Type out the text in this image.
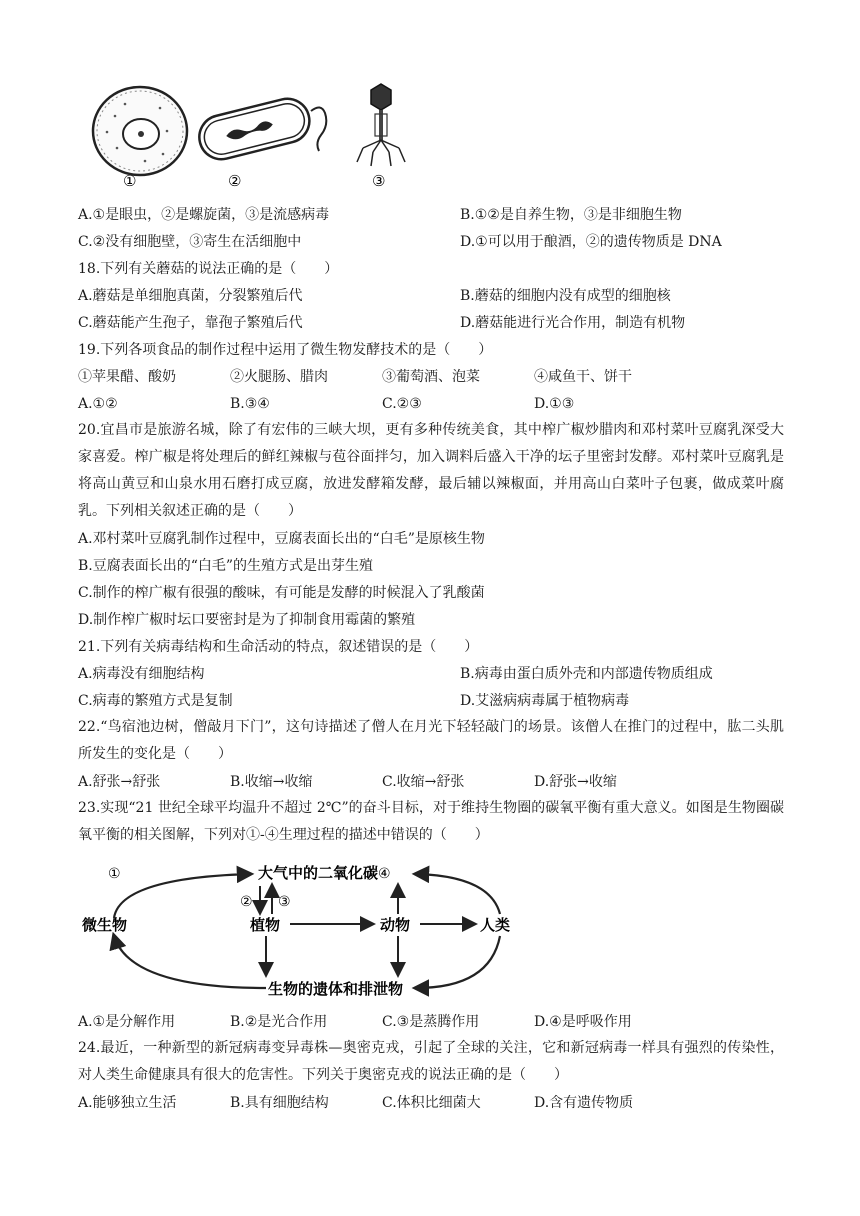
①	②	③
A.①是眼虫，②是螺旋菌，③是流感病毒	B.①②是自养生物，③是非细胞生物
C.②没有细胞壁，③寄生在活细胞中	D.①可以用于酿酒，②的遗传物质是 DNA
18.下列有关蘑菇的说法正确的是（　　）
A.蘑菇是单细胞真菌，分裂繁殖后代	B.蘑菇的细胞内没有成型的细胞核
C.蘑菇能产生孢子，靠孢子繁殖后代	D.蘑菇能进行光合作用，制造有机物
19.下列各项食品的制作过程中运用了微生物发酵技术的是（　　）
①苹果醋、酸奶	②火腿肠、腊肉	③葡萄酒、泡菜	④咸鱼干、饼干
A.①②	B.③④	C.②③	D.①③
20.宜昌市是旅游名城，除了有宏伟的三峡大坝，更有多种传统美食，其中榨广椒炒腊肉和邓村菜叶豆腐乳深受大家喜爱。榨广椒是将处理后的鲜红辣椒与苞谷面拌匀，加入调料后盛入干净的坛子里密封发酵。邓村菜叶豆腐乳是将高山黄豆和山泉水用石磨打成豆腐，放进发酵箱发酵，最后辅以辣椒面，并用高山白菜叶子包裹，做成菜叶腐乳。下列相关叙述正确的是（　　）
A.邓村菜叶豆腐乳制作过程中，豆腐表面长出的“白毛”是原核生物
B.豆腐表面长出的“白毛”的生殖方式是出芽生殖
C.制作的榨广椒有很强的酸味，有可能是发酵的时候混入了乳酸菌
D.制作榨广椒时坛口要密封是为了抑制食用霉菌的繁殖
21.下列有关病毒结构和生命活动的特点，叙述错误的是（　　）
A.病毒没有细胞结构	B.病毒由蛋白质外壳和内部遗传物质组成
C.病毒的繁殖方式是复制	D.艾滋病病毒属于植物病毒
22.“鸟宿池边树，僧敲月下门”，这句诗描述了僧人在月光下轻轻敲门的场景。该僧人在推门的过程中，肱二头肌所发生的变化是（　　）
A.舒张→舒张	B.收缩→收缩	C.收缩→舒张	D.舒张→收缩
23.实现“21 世纪全球平均温升不超过 2℃”的奋斗目标，对于维持生物圈的碳氧平衡有重大意义。如图是生物圈碳氧平衡的相关图解，下列对①-④生理过程的描述中错误的（　　）
大气中的二氧化碳
微生物	植物	动物	人类
生物的遗体和排泄物
①
② ③
④
A.①是分解作用	B.②是光合作用	C.③是蒸腾作用	D.④是呼吸作用
24.最近，一种新型的新冠病毒变异毒株—奥密克戎，引起了全球的关注，它和新冠病毒一样具有强烈的传染性，对人类生命健康具有很大的危害性。下列关于奥密克戎的说法正确的是（　　）
A.能够独立生活	B.具有细胞结构	C.体积比细菌大	D.含有遗传物质
